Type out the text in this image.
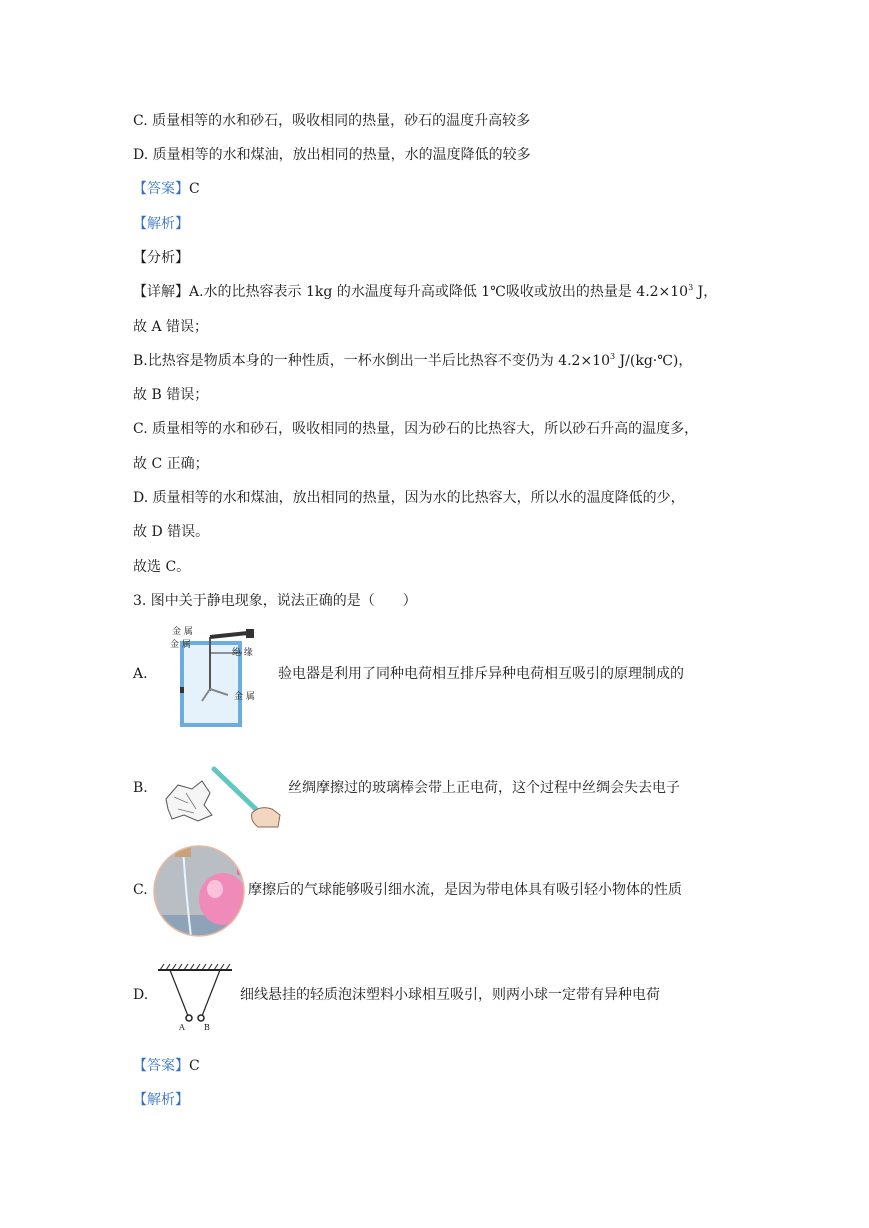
C. 质量相等的水和砂石，吸收相同的热量，砂石的温度升高较多
D. 质量相等的水和煤油，放出相同的热量，水的温度降低的较多
【答案】C
【解析】
【分析】
【详解】A.水的比热容表示 1kg 的水温度每升高或降低 1℃吸收或放出的热量是 $4.2\times 10^3$ J，
故 A 错误；
B.比热容是物质本身的一种性质，一杯水倒出一半后比热容不变仍为 $4.2\times 10^3$ J/(kg·℃)，
故 B 错误；
C. 质量相等的水和砂石，吸收相同的热量，因为砂石的比热容大，所以砂石升高的温度多，
故 C 正确；
D. 质量相等的水和煤油，放出相同的热量，因为水的比热容大，所以水的温度降低的少，
故 D 错误。
故选 C。
3. 图中关于静电现象，说法正确的是（　　）
A.
金 属
金 属
绝 缘
金 属
验电器是利用了同种电荷相互排斥异种电荷相互吸引的原理制成的
B.	丝绸摩擦过的玻璃棒会带上正电荷，这个过程中丝绸会失去电子
C.	摩擦后的气球能够吸引细水流，是因为带电体具有吸引轻小物体的性质
D.
A B
细线悬挂的轻质泡沫塑料小球相互吸引，则两小球一定带有异种电荷
【答案】C
【解析】
